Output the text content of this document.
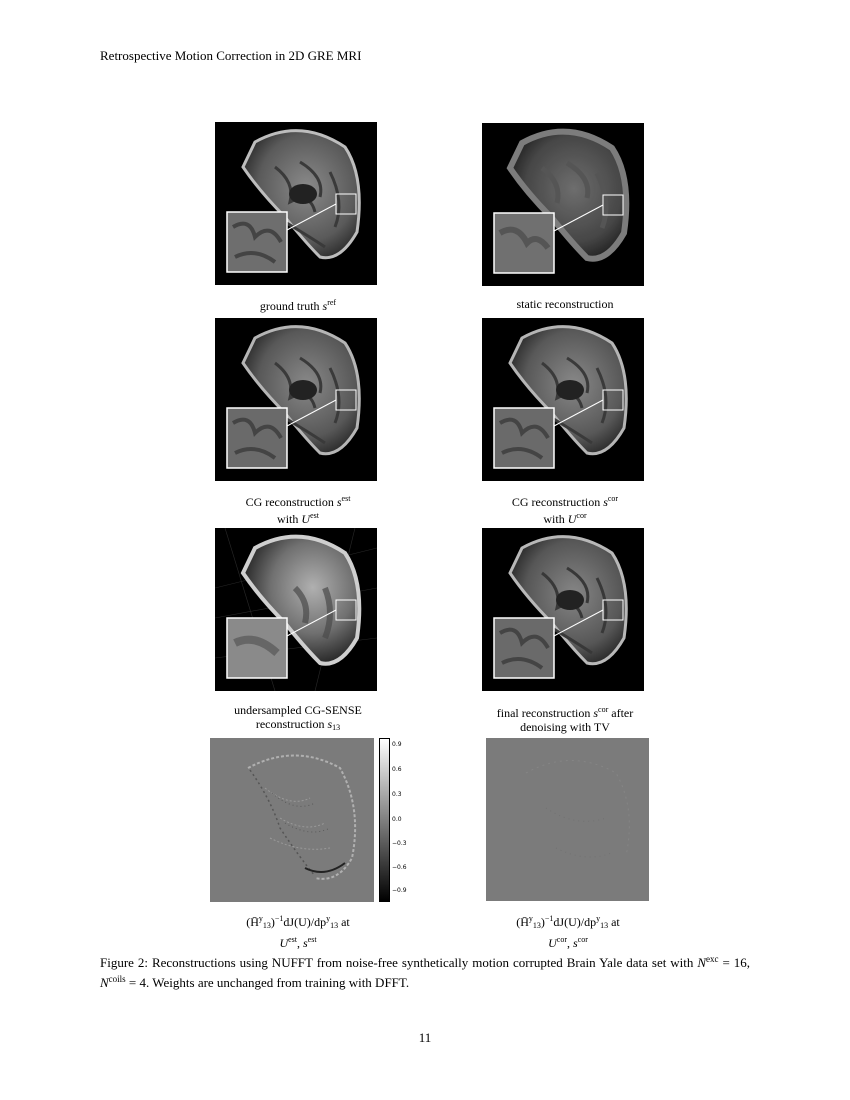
Retrospective Motion Correction in 2D GRE MRI
ground truth $s^{ref}$	static reconstruction
CG reconstruction $s^{est}$
with $U^{est}$
CG reconstruction $s^{cor}$
with $U^{cor}$
undersampled CG-SENSE
reconstruction $s_{13}$
final reconstruction $s^{cor}$ after
denoising with TV
0.9
0.6
0.3
0.0
−0.3
−0.6
−0.9
$(H̄^y_{13})^{-1}dJ(U)/dp^y_{13}$ at
$U^{est}$, $s^{est}$
$(H̄^y_{13})^{-1}dJ(U)/dp^y_{13}$ at
$U^{cor}$, $s^{cor}$
Figure 2: Reconstructions using NUFFT from noise-free synthetically motion corrupted Brain Yale data set with $N^{exc} = 16$, $N^{coils} = 4$. Weights are unchanged from training with DFFT.
11
